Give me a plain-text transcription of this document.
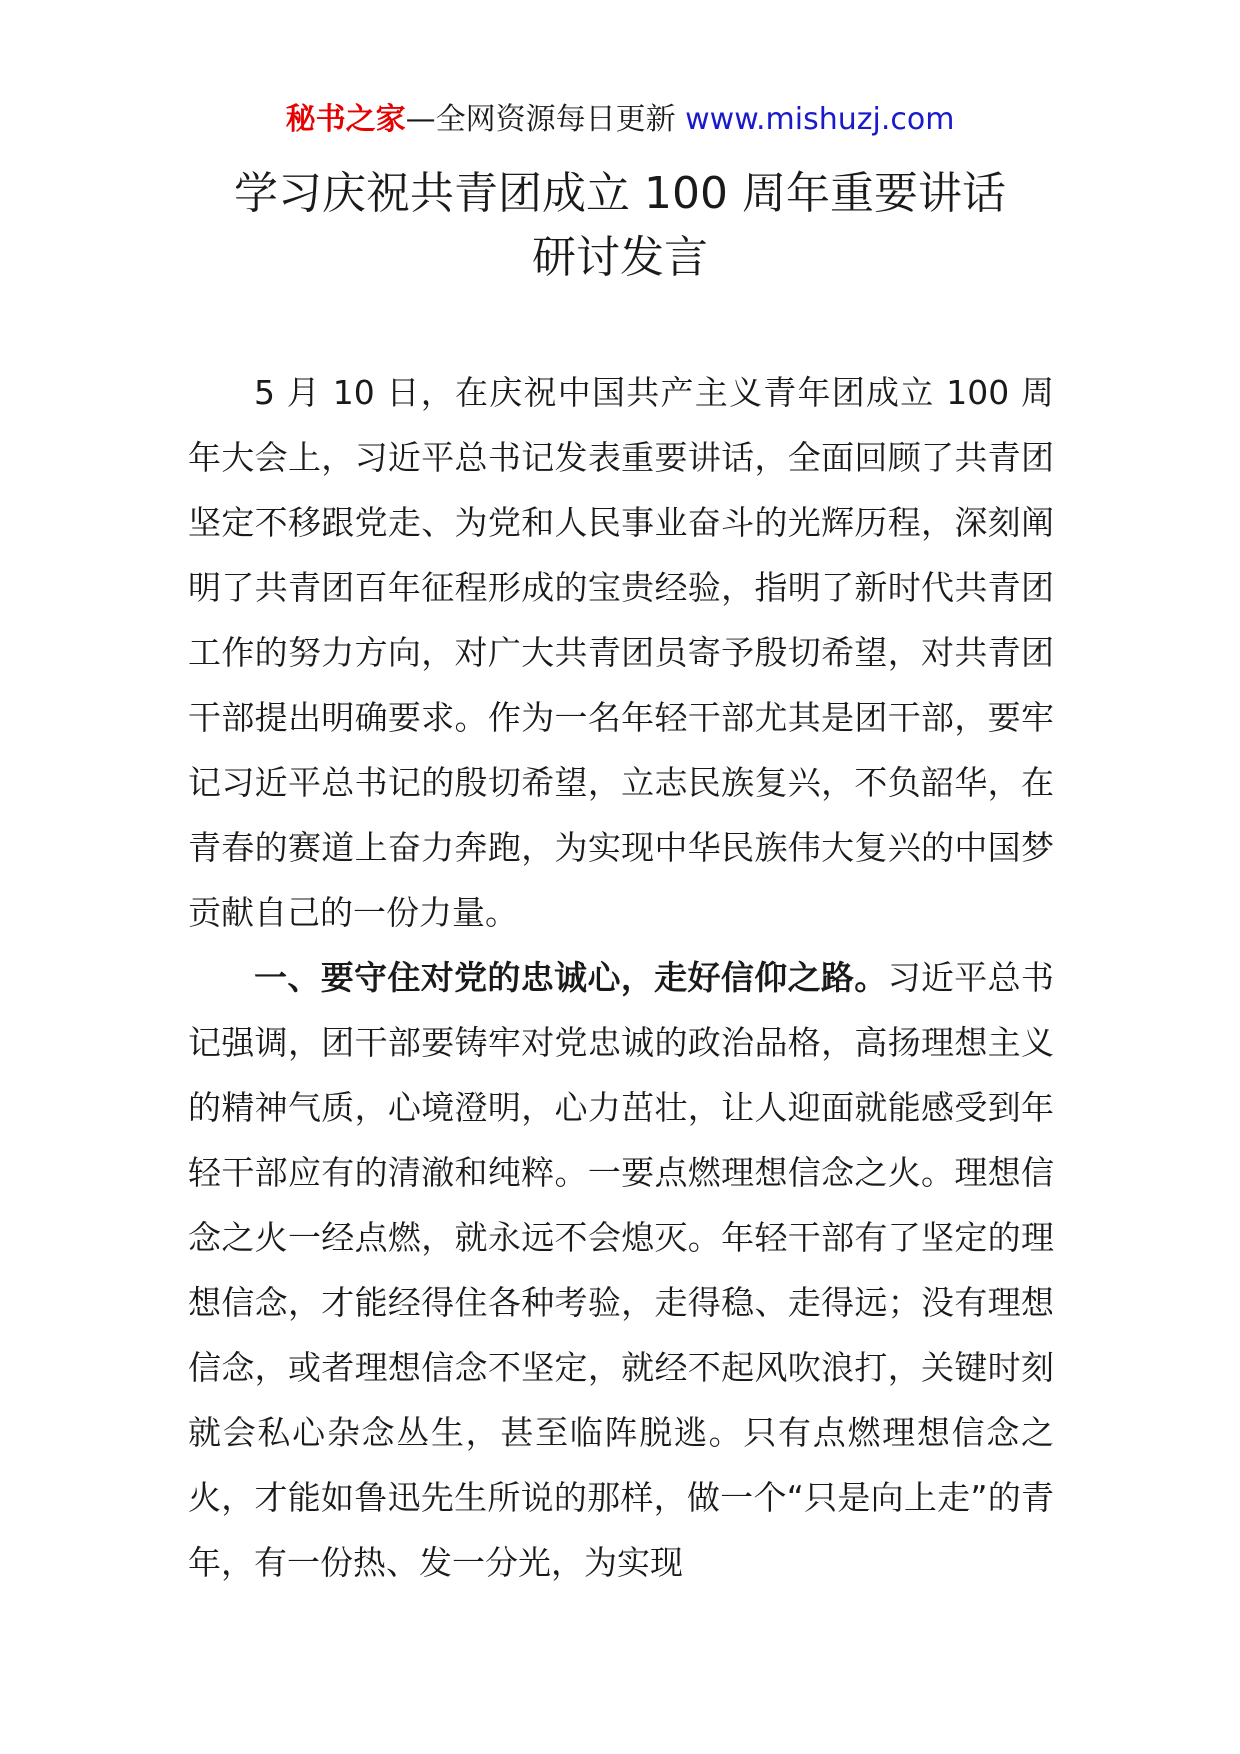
秘书之家—全网资源每日更新 www.mishuzj.com
学习庆祝共青团成立 100 周年重要讲话
研讨发言

5 月 10 日，在庆祝中国共产主义青年团成立 100 周年大会上，习近平总书记发表重要讲话，全面回顾了共青团坚定不移跟党走、为党和人民事业奋斗的光辉历程，深刻阐明了共青团百年征程形成的宝贵经验，指明了新时代共青团工作的努力方向，对广大共青团员寄予殷切希望，对共青团干部提出明确要求。作为一名年轻干部尤其是团干部，要牢记习近平总书记的殷切希望，立志民族复兴，不负韶华，在青春的赛道上奋力奔跑，为实现中华民族伟大复兴的中国梦贡献自己的一份力量。

一、要守住对党的忠诚心，走好信仰之路。习近平总书记强调，团干部要铸牢对党忠诚的政治品格，高扬理想主义的精神气质，心境澄明，心力茁壮，让人迎面就能感受到年轻干部应有的清澈和纯粹。一要点燃理想信念之火。理想信念之火一经点燃，就永远不会熄灭。年轻干部有了坚定的理想信念，才能经得住各种考验，走得稳、走得远；没有理想信念，或者理想信念不坚定，就经不起风吹浪打，关键时刻就会私心杂念丛生，甚至临阵脱逃。只有点燃理想信念之火，才能如鲁迅先生所说的那样，做一个“只是向上走”的青年，有一份热、发一分光，为实现
